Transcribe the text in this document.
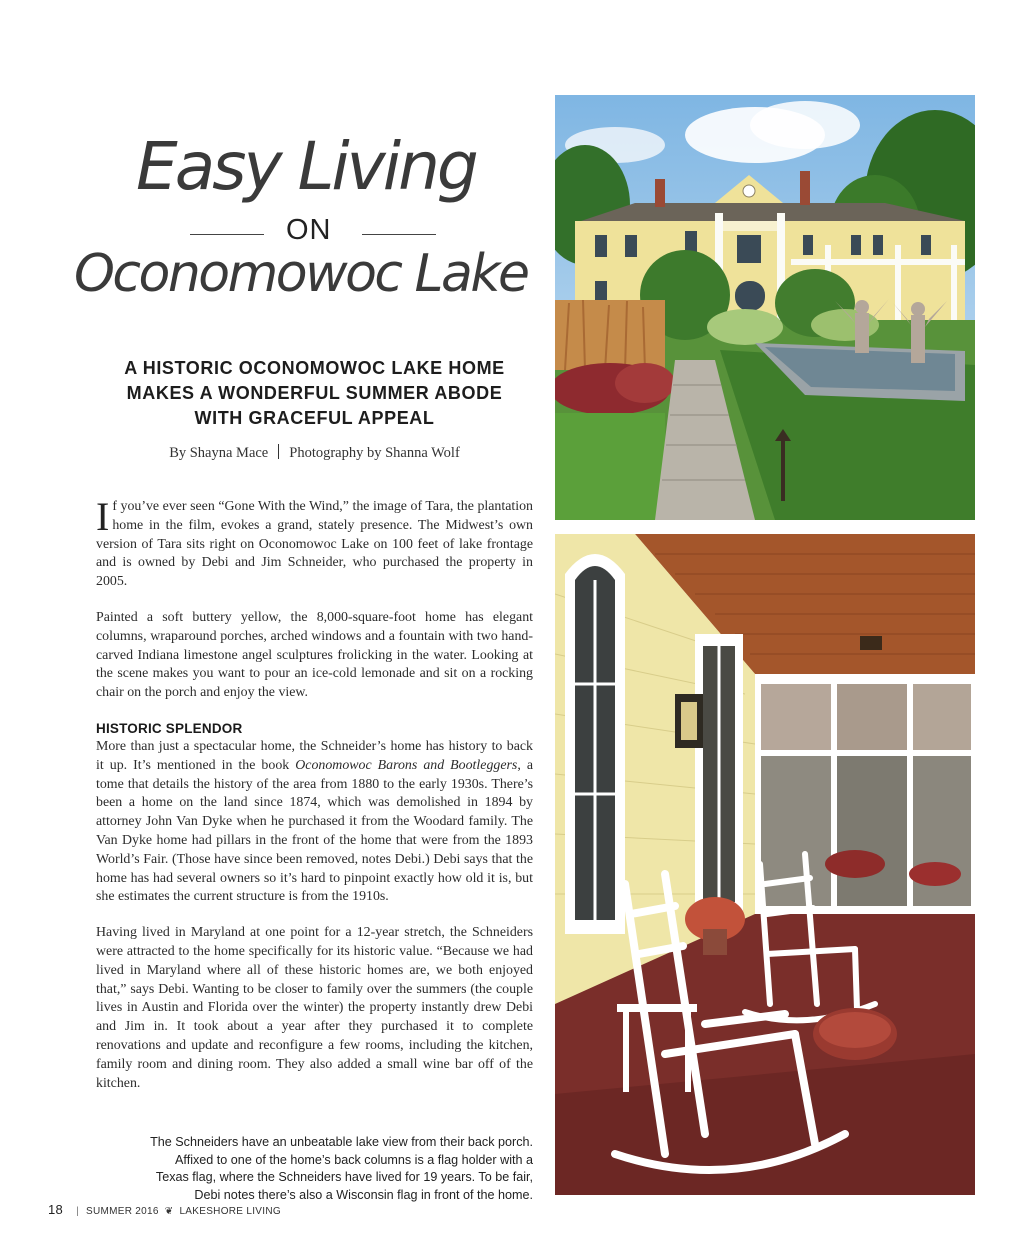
Easy Living
ON
Oconomowoc Lake
A HISTORIC OCONOMOWOC LAKE HOME
MAKES A WONDERFUL SUMMER ABODE
WITH GRACEFUL APPEAL
By Shayna Mace Photography by Shanna Wolf

If you’ve ever seen “Gone With the Wind,” the image of Tara, the plantation home in the film, evokes a grand, stately presence. The Midwest’s own version of Tara sits right on Oconomowoc Lake on 100 feet of lake frontage and is owned by Debi and Jim Schneider, who purchased the property in 2005.

Painted a soft buttery yellow, the 8,000-square-foot home has elegant columns, wraparound porches, arched windows and a fountain with two hand-carved Indiana limestone angel sculptures frolicking in the water. Looking at the scene makes you want to pour an ice-cold lemonade and sit on a rocking chair on the porch and enjoy the view.

HISTORIC SPLENDOR

More than just a spectacular home, the Schneider’s home has history to back it up. It’s mentioned in the book Oconomowoc Barons and Bootleggers, a tome that details the history of the area from 1880 to the early 1930s. There’s been a home on the land since 1874, which was demolished in 1894 by attorney John Van Dyke when he purchased it from the Woodard family. The Van Dyke home had pillars in the front of the home that were from the 1893 World’s Fair. (Those have since been removed, notes Debi.) Debi says that the home has had several owners so it’s hard to pinpoint exactly how old it is, but she estimates the current structure is from the 1910s.

Having lived in Maryland at one point for a 12-year stretch, the Schneiders were attracted to the home specifically for its historic value. “Because we had lived in Maryland where all of these historic homes are, we both enjoyed that,” says Debi. Wanting to be closer to family over the summers (the couple lives in Austin and Florida over the winter) the property instantly drew Debi and Jim in. It took about a year after they purchased it to complete renovations and update and reconfigure a few rooms, including the kitchen, family room and dining room. They also added a small wine bar off of the kitchen.

The Schneiders have an unbeatable lake view from their back porch.
Affixed to one of the home’s back columns is a flag holder with a
Texas flag, where the Schneiders have lived for 19 years. To be fair,
Debi notes there’s also a Wisconsin flag in front of the home.
18 | SUMMER 2016 ❦ LAKESHORE LIVING
